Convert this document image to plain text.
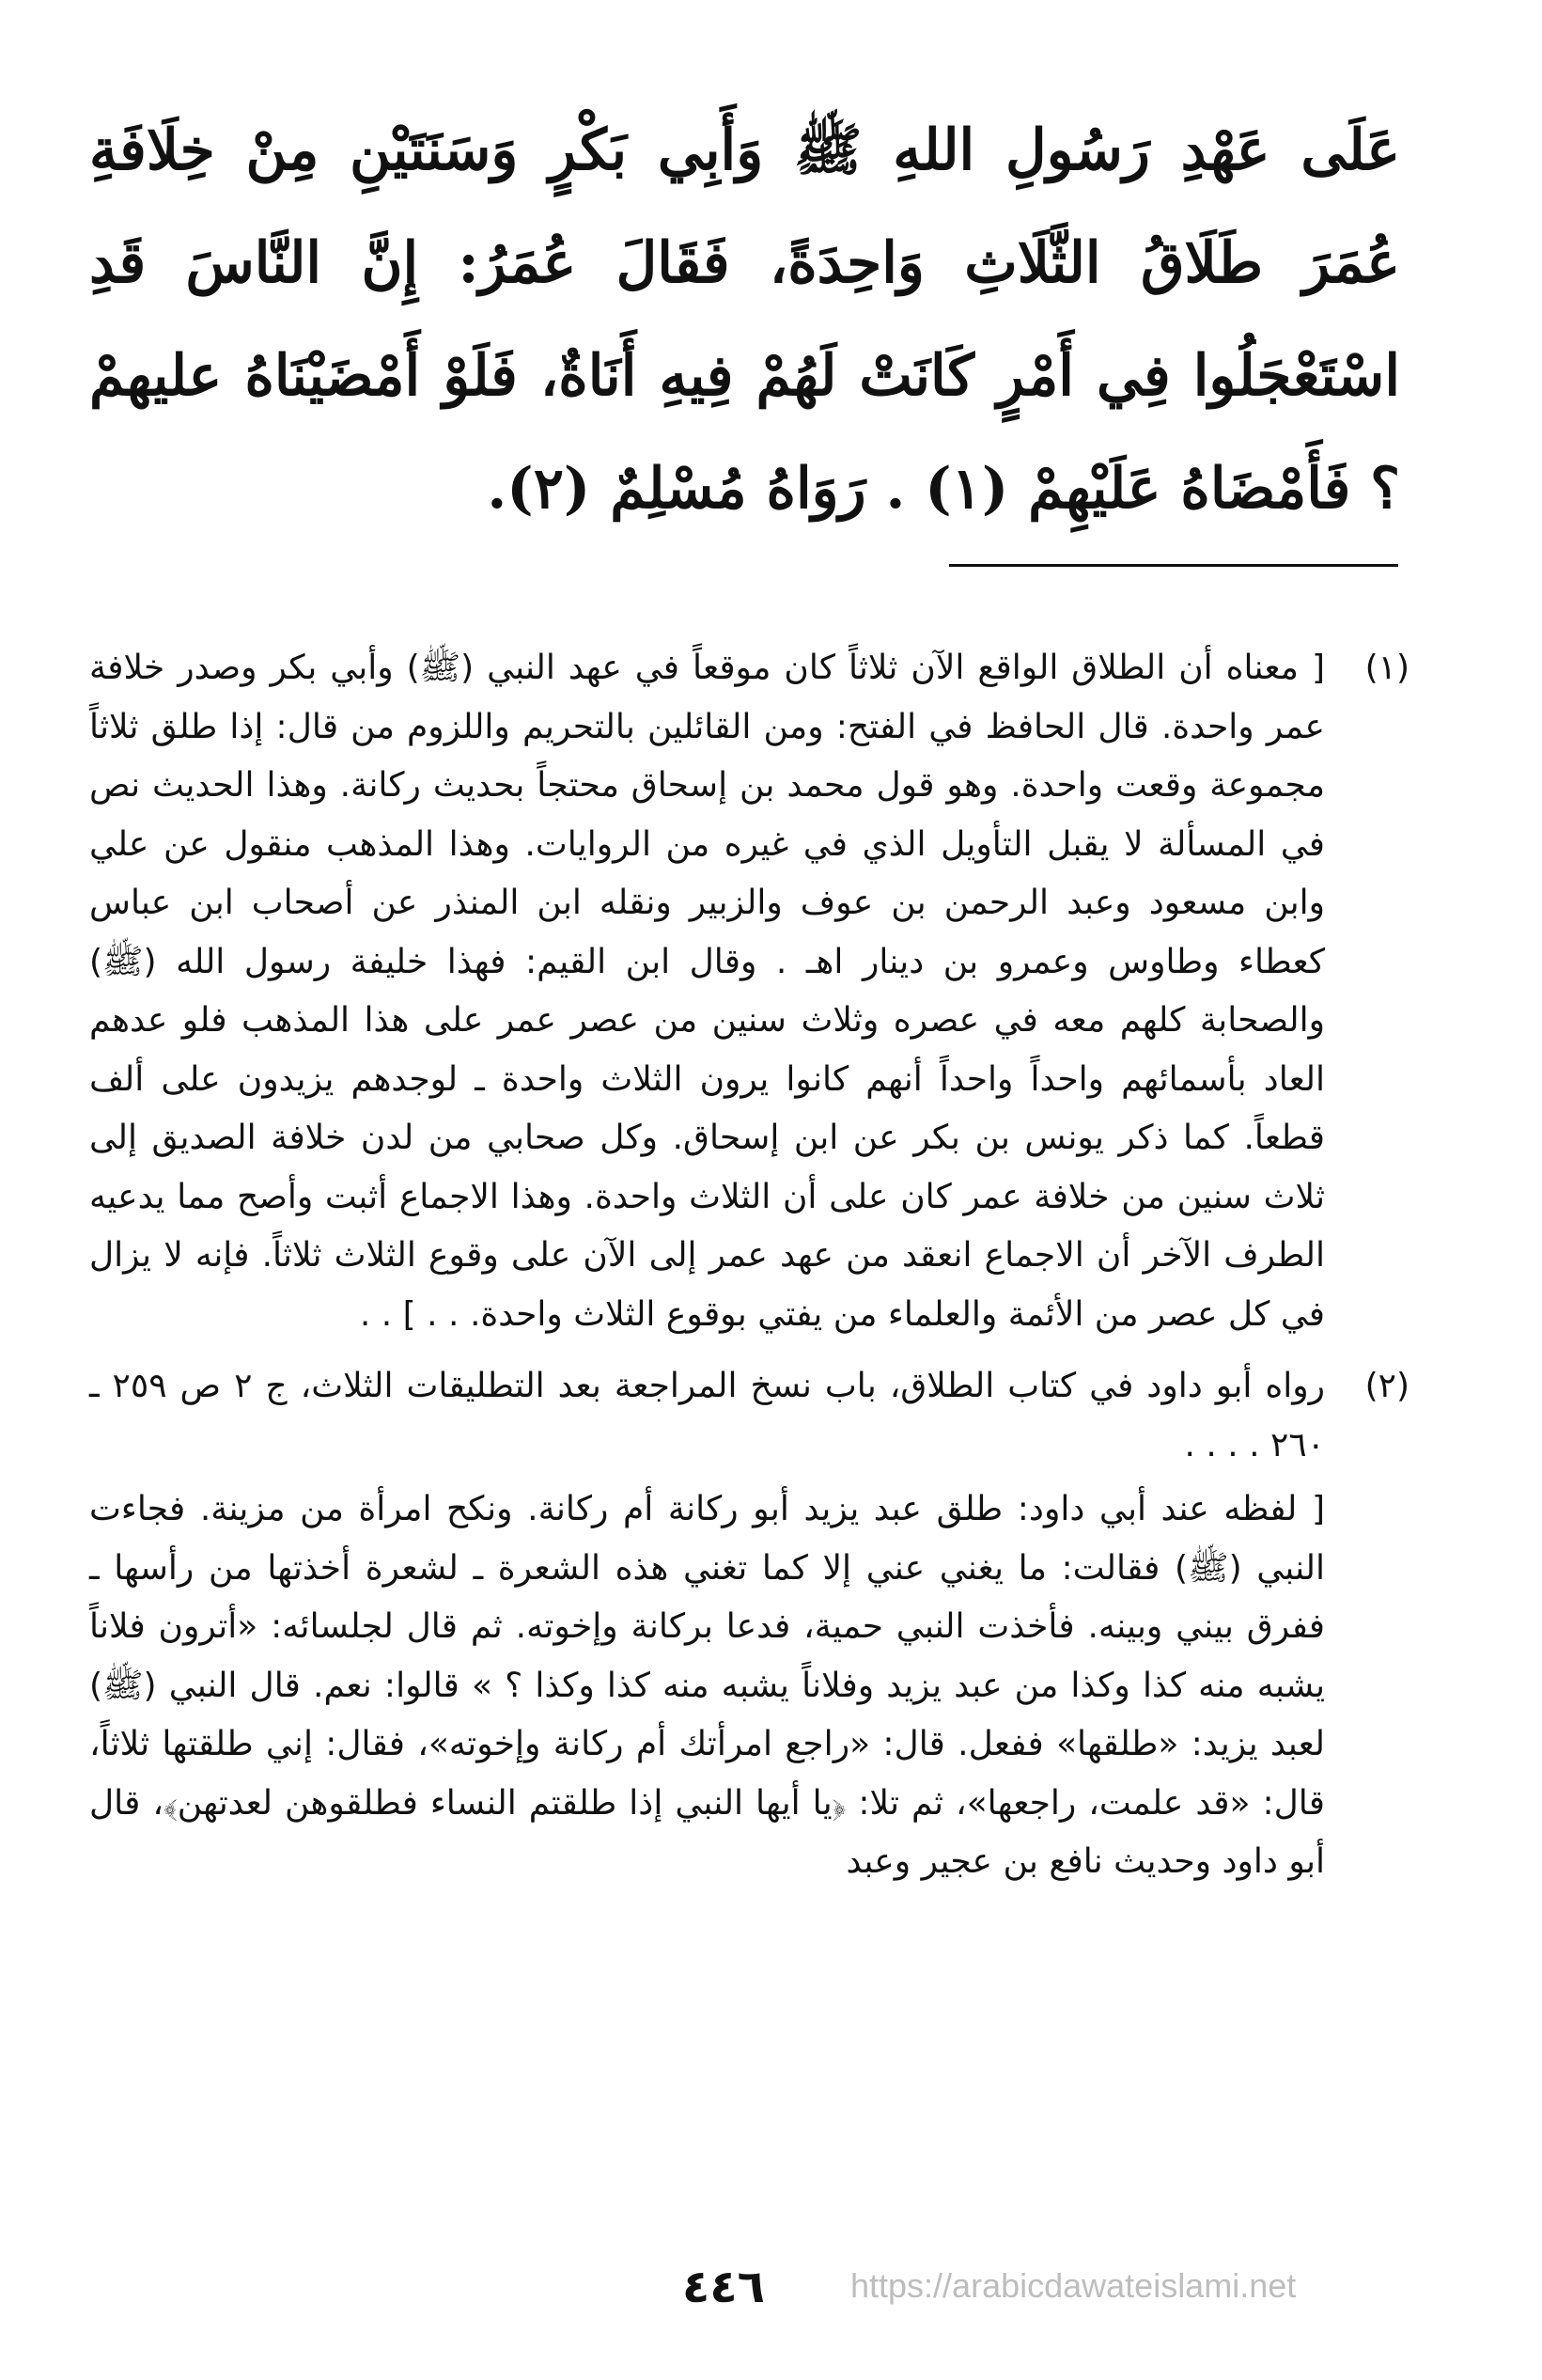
عَلَى عَهْدِ رَسُولِ اللهِ ﷺ وَأَبِي بَكْرٍ وَسَنَتَيْنِ مِنْ خِلَافَةِ عُمَرَ طَلَاقُ الثَّلَاثِ وَاحِدَةً، فَقَالَ عُمَرُ: إِنَّ النَّاسَ قَدِ اسْتَعْجَلُوا فِي أَمْرٍ كَانَتْ لَهُمْ فِيهِ أَنَاةٌ، فَلَوْ أَمْضَيْنَاهُ عليهمْ ؟ فَأَمْضَاهُ عَلَيْهِمْ (١) . رَوَاهُ مُسْلِمٌ (٢).

(١)

[ معناه أن الطلاق الواقع الآن ثلاثاً كان موقعاً في عهد النبي (ﷺ) وأبي بكر وصدر خلافة عمر واحدة. قال الحافظ في الفتح: ومن القائلين بالتحريم واللزوم من قال: إذا طلق ثلاثاً مجموعة وقعت واحدة. وهو قول محمد بن إسحاق محتجاً بحديث ركانة. وهذا الحديث نص في المسألة لا يقبل التأويل الذي في غيره من الروايات. وهذا المذهب منقول عن علي وابن مسعود وعبد الرحمن بن عوف والزبير ونقله ابن المنذر عن أصحاب ابن عباس كعطاء وطاوس وعمرو بن دينار اهـ . وقال ابن القيم: فهذا خليفة رسول الله (ﷺ) والصحابة كلهم معه في عصره وثلاث سنين من عصر عمر على هذا المذهب فلو عدهم العاد بأسمائهم واحداً واحداً أنهم كانوا يرون الثلاث واحدة ـ لوجدهم يزيدون على ألف قطعاً. كما ذكر يونس بن بكر عن ابن إسحاق. وكل صحابي من لدن خلافة الصديق إلى ثلاث سنين من خلافة عمر كان على أن الثلاث واحدة. وهذا الاجماع أثبت وأصح مما يدعيه الطرف الآخر أن الاجماع انعقد من عهد عمر إلى الآن على وقوع الثلاث ثلاثاً. فإنه لا يزال في كل عصر من الأئمة والعلماء من يفتي بوقوع الثلاث واحدة. . . ] . .

(٢)

رواه أبو داود في كتاب الطلاق، باب نسخ المراجعة بعد التطليقات الثلاث، ج ٢ ص ٢٥٩ ـ ٢٦٠ . . . .

[ لفظه عند أبي داود: طلق عبد يزيد أبو ركانة أم ركانة. ونكح امرأة من مزينة. فجاءت النبي (ﷺ) فقالت: ما يغني عني إلا كما تغني هذه الشعرة ـ لشعرة أخذتها من رأسها ـ ففرق بيني وبينه. فأخذت النبي حمية، فدعا بركانة وإخوته. ثم قال لجلسائه: «أترون فلاناً يشبه منه كذا وكذا من عبد يزيد وفلاناً يشبه منه كذا وكذا ؟ » قالوا: نعم. قال النبي (ﷺ) لعبد يزيد: «طلقها» ففعل. قال: «راجع امرأتك أم ركانة وإخوته»، فقال: إني طلقتها ثلاثاً، قال: «قد علمت، راجعها»، ثم تلا: ﴿يا أيها النبي إذا طلقتم النساء فطلقوهن لعدتهن﴾، قال أبو داود وحديث نافع بن عجير وعبد

٤٤٦	https://arabicdawateislami.net
